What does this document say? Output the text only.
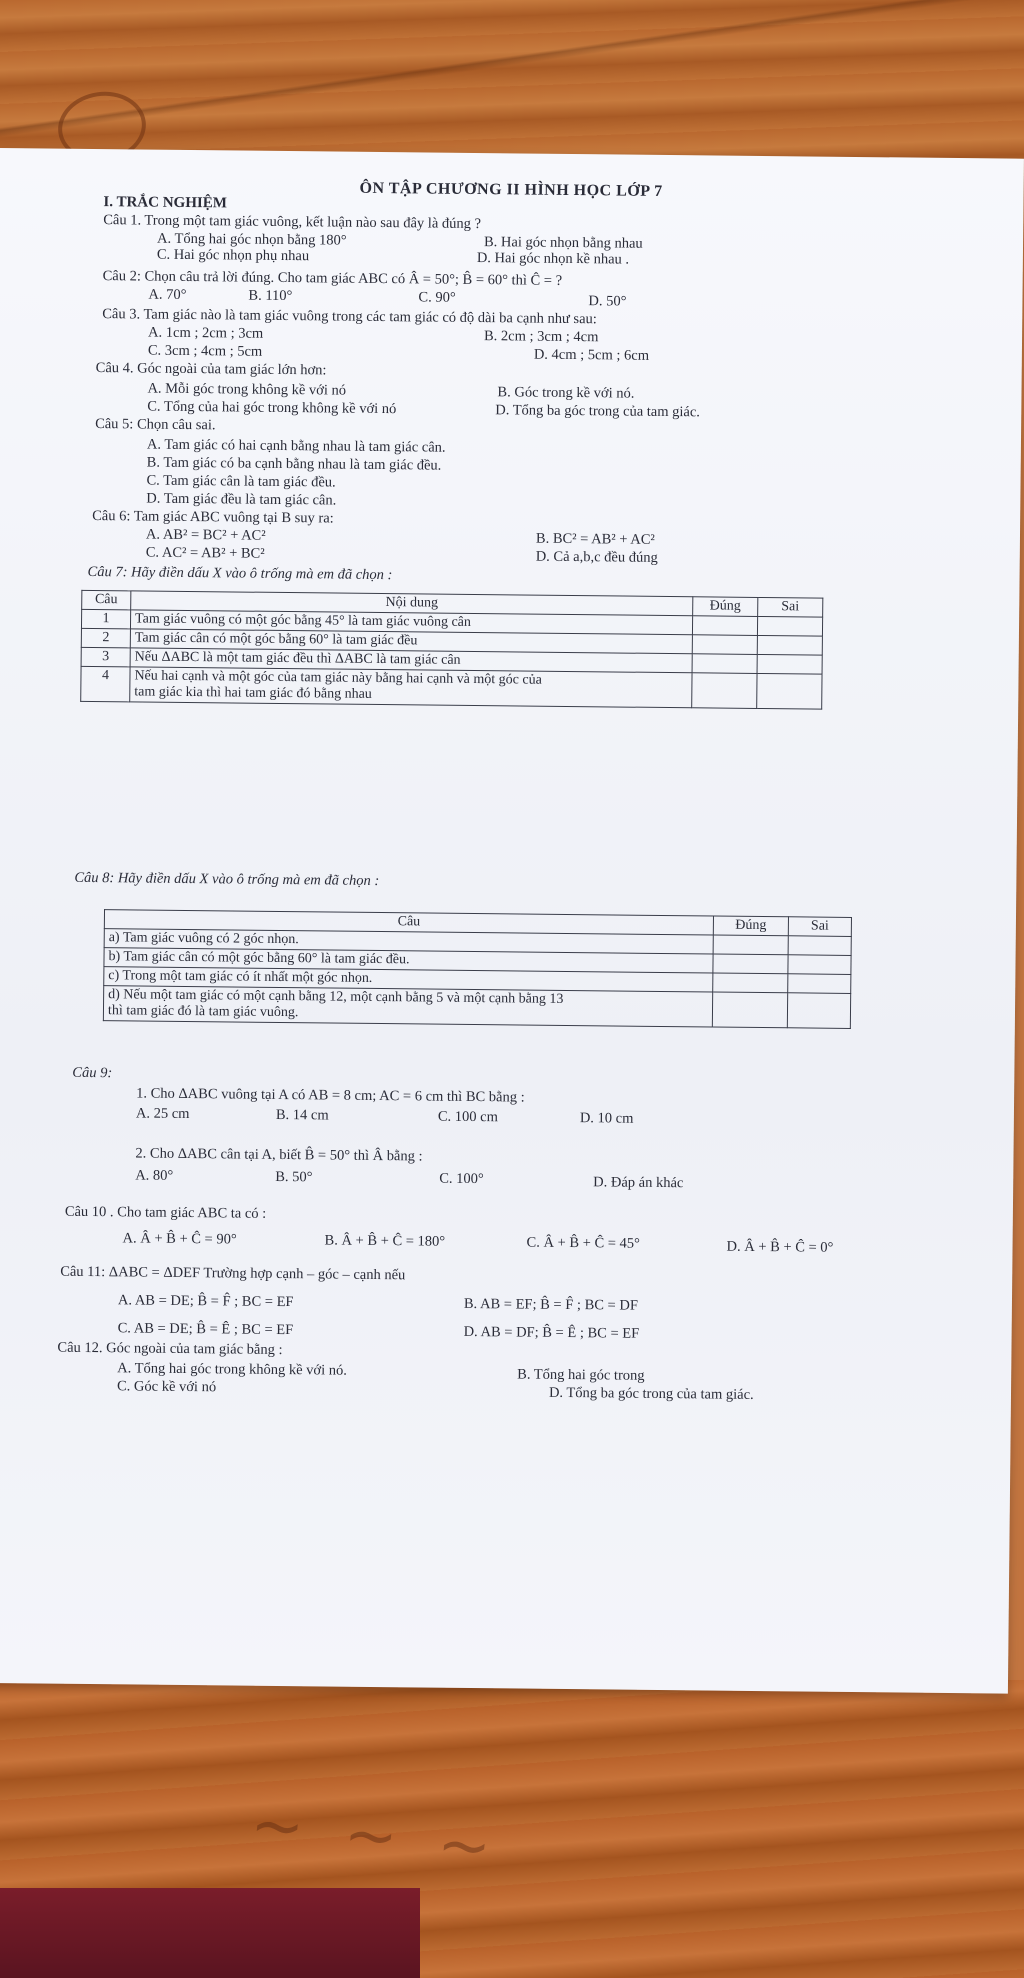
~ ~ ~
ÔN TẬP CHƯƠNG II HÌNH HỌC LỚP 7
I. TRẮC NGHIỆM
Câu 1. Trong một tam giác vuông, kết luận nào sau đây là đúng ?
A. Tổng hai góc nhọn bằng 180°	B. Hai góc nhọn bằng nhau
C. Hai góc nhọn phụ nhau	D. Hai góc nhọn kề nhau .
Câu 2: Chọn câu trả lời đúng. Cho tam giác ABC có Â = 50°; B̂ = 60° thì Ĉ = ?
A. 70°	B. 110°	C. 90°	D. 50°
Câu 3. Tam giác nào là tam giác vuông trong các tam giác có độ dài ba cạnh như sau:
A. 1cm ; 2cm ; 3cm	B. 2cm ; 3cm ; 4cm
C. 3cm ; 4cm ; 5cm	D. 4cm ; 5cm ; 6cm
Câu 4. Góc ngoài của tam giác lớn hơn:
A. Mỗi góc trong không kề với nó	B. Góc trong kề với nó.
C. Tổng của hai góc trong không kề với nó	D. Tổng ba góc trong của tam giác.
Câu 5: Chọn câu sai.
A. Tam giác có hai cạnh bằng nhau là tam giác cân.
B. Tam giác có ba cạnh bằng nhau là tam giác đều.
C. Tam giác cân là tam giác đều.
D. Tam giác đều là tam giác cân.
Câu 6: Tam giác ABC vuông tại B suy ra:
A. AB² = BC² + AC²	B. BC² = AB² + AC²
C. AC² = AB² + BC²	D. Cả a,b,c đều đúng
Câu 7: Hãy điền dấu X vào ô trống mà em đã chọn :
Câu	Nội dung	Đúng	Sai
1	Tam giác vuông có một góc bằng 45° là tam giác vuông cân		
2	Tam giác cân có một góc bằng 60° là tam giác đều		
3	Nếu ΔABC là một tam giác đều thì ΔABC là tam giác cân		
4	Nếu hai cạnh và một góc của tam giác này bằng hai cạnh và một góc của
tam giác kia thì hai tam giác đó bằng nhau		

Câu 8: Hãy điền dấu X vào ô trống mà em đã chọn :
Câu	Đúng	Sai
a) Tam giác vuông có 2 góc nhọn.		
b) Tam giác cân có một góc bằng 60° là tam giác đều.		
c) Trong một tam giác có ít nhất một góc nhọn.		

d) Nếu một tam giác có một cạnh bằng 12, một cạnh bằng 5 và một cạnh bằng 13
thì tam giác đó là tam giác vuông.		

Câu 9:
1. Cho ΔABC vuông tại A có AB = 8 cm; AC = 6 cm thì BC bằng :
A. 25 cm	B. 14 cm	C. 100 cm	D. 10 cm
2. Cho ΔABC cân tại A, biết B̂ = 50° thì Â bằng :
A. 80°	B. 50°	C. 100°	D. Đáp án khác
Câu 10 . Cho tam giác ABC ta có :
A. Â + B̂ + Ĉ = 90°	B. Â + B̂ + Ĉ = 180°	C. Â + B̂ + Ĉ = 45°	D. Â + B̂ + Ĉ = 0°
Câu 11: ΔABC = ΔDEF Trường hợp cạnh – góc – cạnh nếu
A. AB = DE; B̂ = F̂ ; BC = EF	B. AB = EF; B̂ = F̂ ; BC = DF
C. AB = DE; B̂ = Ê ; BC = EF	D. AB = DF; B̂ = Ê ; BC = EF
Câu 12. Góc ngoài của tam giác bằng :
A. Tổng hai góc trong không kề với nó.	B. Tổng hai góc trong
C. Góc kề với nó	D. Tổng ba góc trong của tam giác.
